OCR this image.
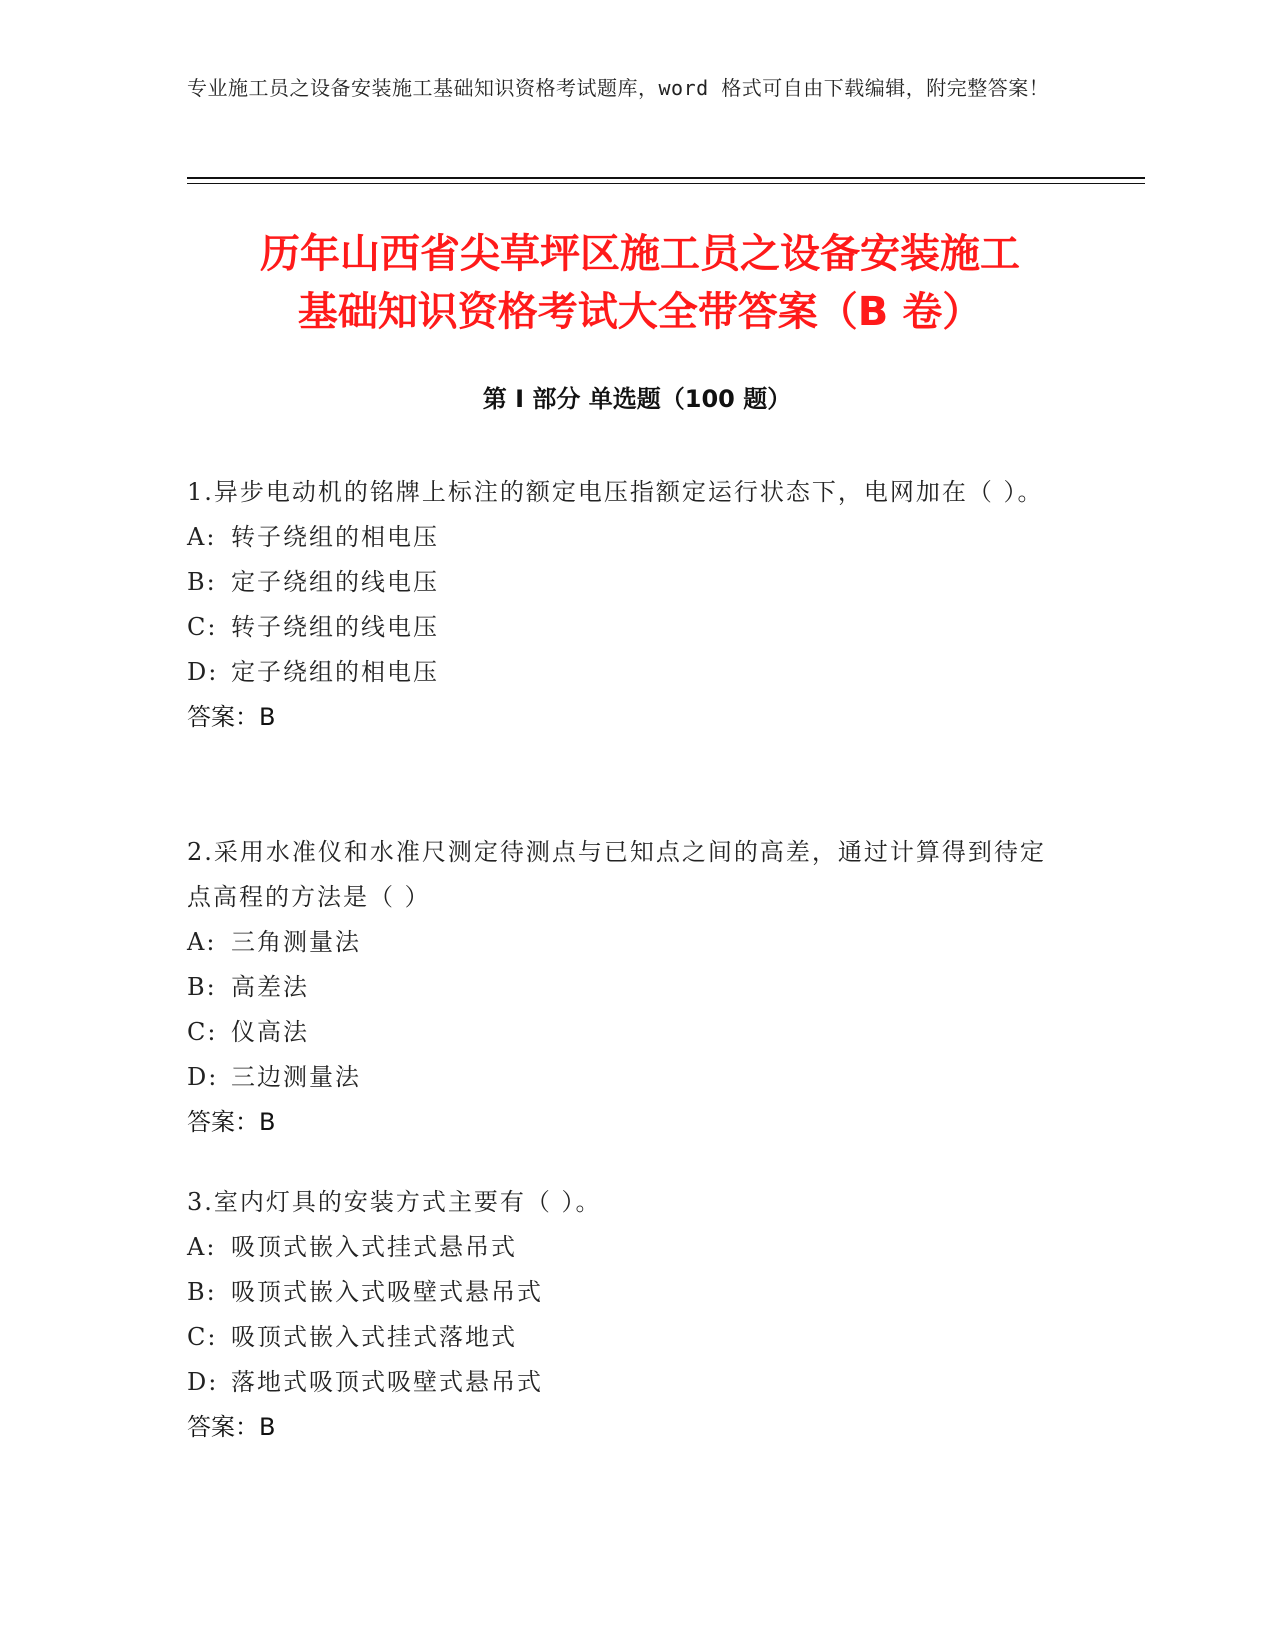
专业施工员之设备安装施工基础知识资格考试题库，word 格式可自由下载编辑，附完整答案！
历年山西省尖草坪区施工员之设备安装施工
基础知识资格考试大全带答案（B 卷）
第 I 部分 单选题（100 题）
1.异步电动机的铭牌上标注的额定电压指额定运行状态下，电网加在（ ）。
A: 转子绕组的相电压
B: 定子绕组的线电压
C: 转子绕组的线电压
D: 定子绕组的相电压
答案：B
2.采用水准仪和水准尺测定待测点与已知点之间的高差，通过计算得到待定点高程的方法是（ ）
A: 三角测量法
B: 高差法
C: 仪高法
D: 三边测量法
答案：B
3.室内灯具的安装方式主要有（ ）。
A: 吸顶式嵌入式挂式悬吊式
B: 吸顶式嵌入式吸壁式悬吊式
C: 吸顶式嵌入式挂式落地式
D: 落地式吸顶式吸壁式悬吊式
答案：B
